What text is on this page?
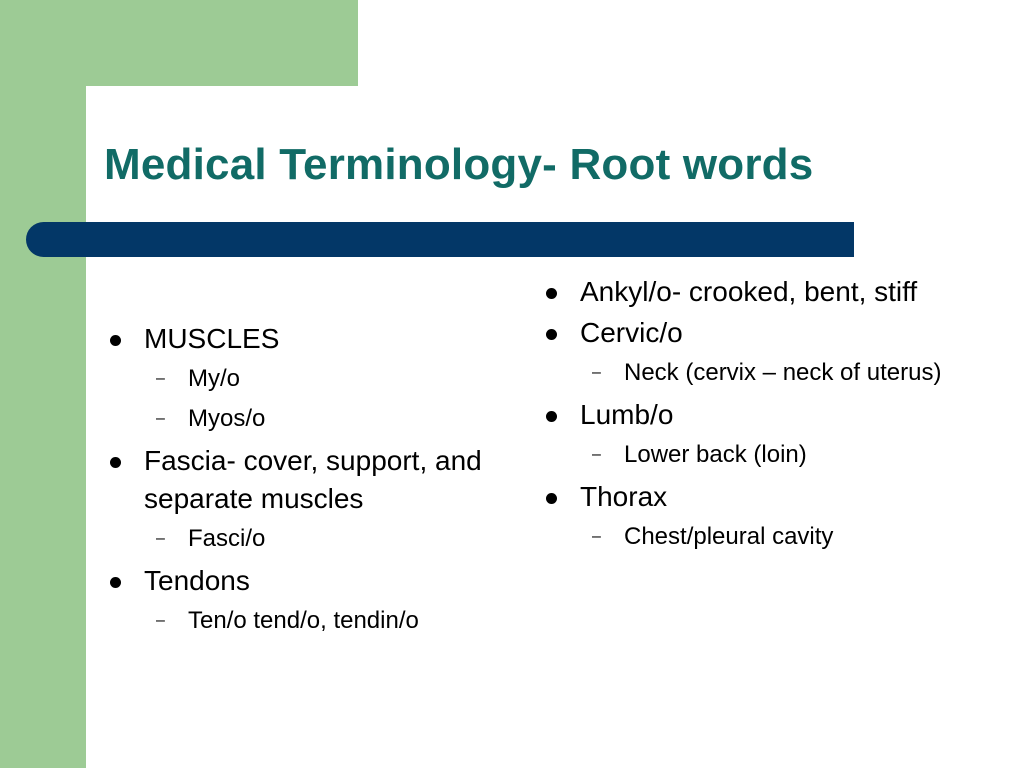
Medical Terminology- Root words
MUSCLES
– My/o
– Myos/o
Fascia- cover, support, and separate muscles
– Fasci/o
Tendons
– Ten/o tend/o, tendin/o
Ankyl/o- crooked, bent, stiff
Cervic/o
– Neck (cervix – neck of uterus)
Lumb/o
– Lower back (loin)
Thorax
– Chest/pleural cavity
